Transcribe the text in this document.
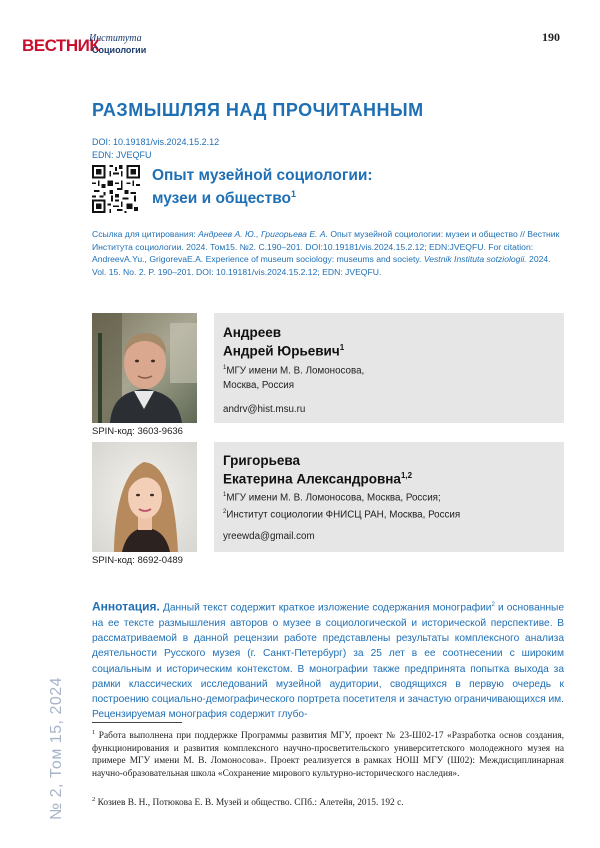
ВЕСТНИК
Института
Социологии
190
РАЗМЫШЛЯЯ НАД ПРОЧИТАННЫМ
DOI: 10.19181/vis.2024.15.2.12
EDN: JVEQFU
Опыт музейной социологии:
музеи и общество$^1$
Ссылка для цитирования: Андреев А. Ю., Григорьева Е. А. Опыт музейной социологии: музеи и общество // Вестник Института социологии. 2024. Том15. №2. С.190–201. DOI:10.19181/vis.2024.15.2.12; EDN:JVEQFU. For citation: AndreevA.Yu., GrigorevaE.A. Experience of museum sociology: museums and society. Vestnik Instituta sotziologii. 2024. Vol. 15. No. 2. P. 190–201. DOI: 10.19181/vis.2024.15.2.12; EDN: JVEQFU.
SPIN-код: 3603-9636
Андреев
Андрей Юрьевич$^1$
$^1$МГУ имени М. В. Ломоносова,
Москва, Россия
andrv@hist.msu.ru
SPIN-код: 8692-0489
Григорьева
Екатерина Александровна$^{1,2}$
$^1$МГУ имени М. В. Ломоносова, Москва, Россия;
$^2$Институт социологии ФНИСЦ РАН, Москва, Россия
yreewda@gmail.com
Аннотация. Данный текст содержит краткое изложение содержания монографии$^2$ и основанные на ее тексте размышления авторов о музее в социологической и исторической перспективе. В рассматриваемой в данной рецензии работе представлены результаты комплексного анализа деятельности Русского музея (г. Санкт-Петербург) за 25 лет в ее соотнесении с широким социальным и историческим контекстом. В монографии также предпринята попытка выхода за рамки классических исследований музейной аудитории, сводящихся в первую очередь к построению социально-демографического портрета посетителя и зачастую ограничивающихся им. Рецензируемая монография содержит глубо-
$^1$ Работа выполнена при поддержке Программы развития МГУ, проект № 23-Ш02-17 «Разработка основ создания, функционирования и развития комплексного научно-просветительского университетского молодежного музея на примере МГУ имени М. В. Ломоносова». Проект реализуется в рамках НОШ МГУ (Ш02): Междисциплинарная научно-образовательная школа «Сохранение мирового культурно-исторического наследия».
$^2$ Козиев В. Н., Потюкова Е. В. Музей и общество. СПб.: Алетейя, 2015. 192 с.
№ 2, Том 15, 2024
